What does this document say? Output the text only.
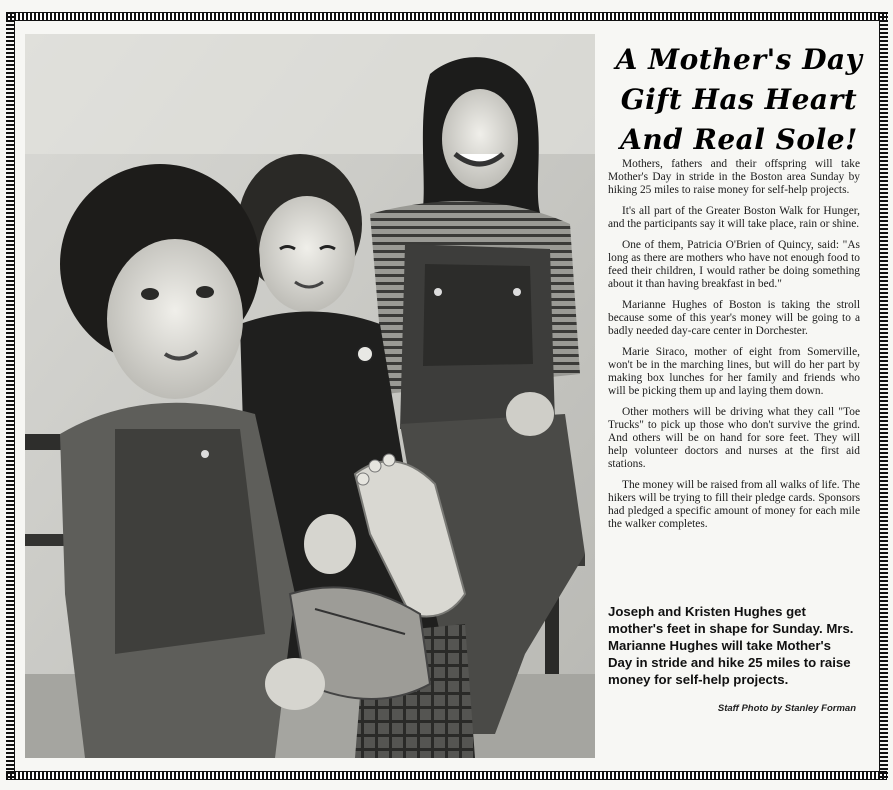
A Mother's Day
Gift Has Heart
And Real Sole!

Mothers, fathers and their offspring will take Mother's Day in stride in the Boston area Sunday by hiking 25 miles to raise money for self-help projects.

It's all part of the Greater Boston Walk for Hunger, and the participants say it will take place, rain or shine.

One of them, Patricia O'Brien of Quincy, said: "As long as there are mothers who have not enough food to feed their children, I would rather be doing something about it than having breakfast in bed."

Marianne Hughes of Boston is taking the stroll because some of this year's money will be going to a badly needed day-care center in Dorchester.

Marie Siraco, mother of eight from Somerville, won't be in the marching lines, but will do her part by making box lunches for her family and friends who will be picking them up and laying them down.

Other mothers will be driving what they call "Toe Trucks" to pick up those who don't survive the grind. And others will be on hand for sore feet. They will help volunteer doctors and nurses at the first aid stations.

The money will be raised from all walks of life. The hikers will be trying to fill their pledge cards. Sponsors had pledged a specific amount of money for each mile the walker completes.

Joseph and Kristen Hughes get mother's feet in shape for Sunday. Mrs. Marianne Hughes will take Mother's Day in stride and hike 25 miles to raise money for self-help projects.
Staff Photo by Stanley Forman
